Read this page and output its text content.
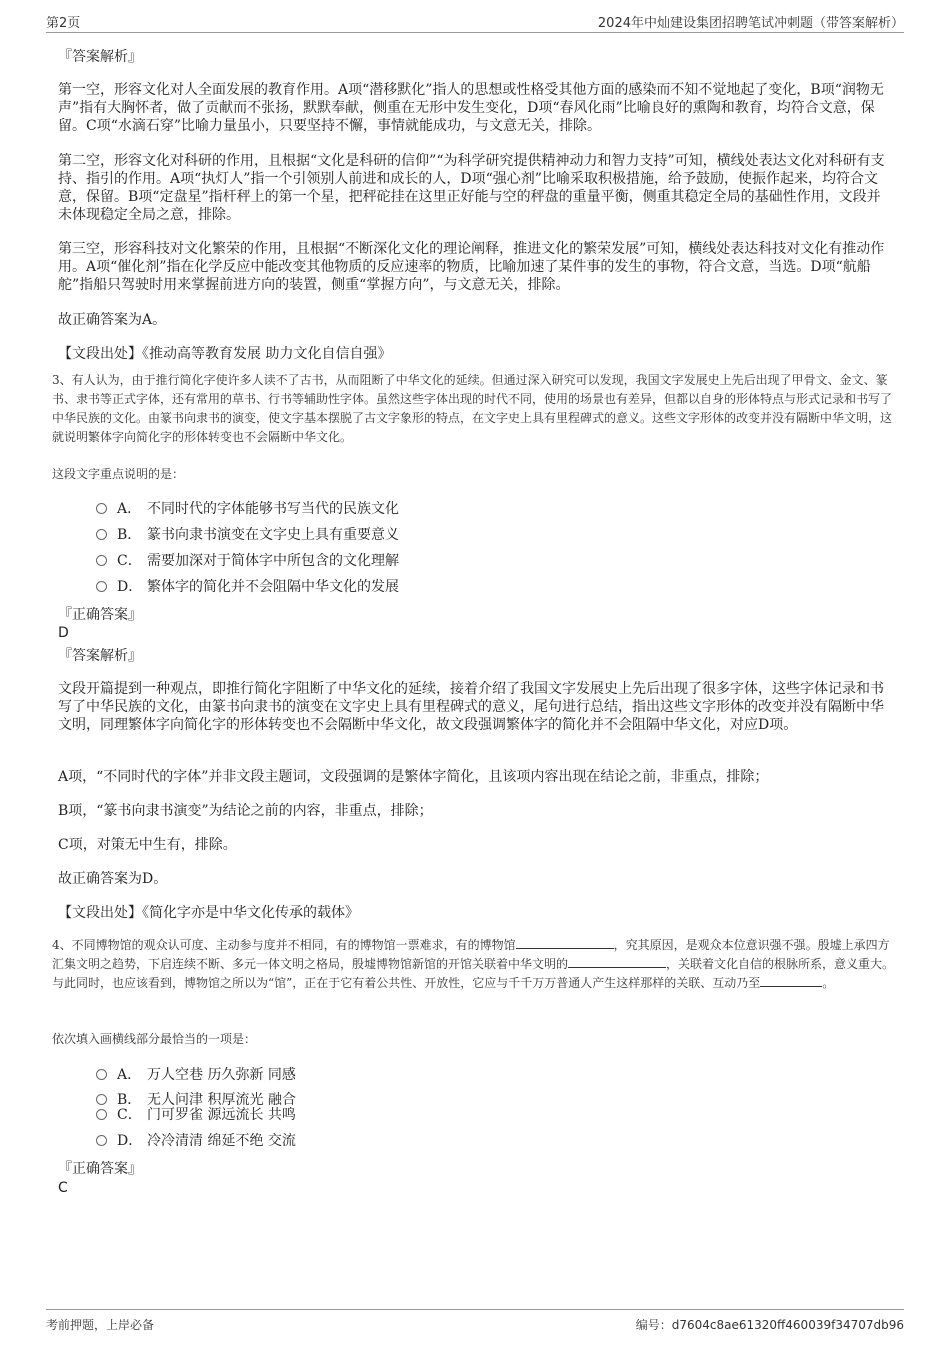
第2页	2024年中灿建设集团招聘笔试冲刺题（带答案解析）
『答案解析』

第一空，形容文化对人全面发展的教育作用。A项“潜移默化”指人的思想或性格受其他方面的感染而不知不觉地起了变化，B项“润物无声”指有大胸怀者，做了贡献而不张扬，默默奉献，侧重在无形中发生变化，D项“春风化雨”比喻良好的熏陶和教育，均符合文意，保留。C项“水滴石穿”比喻力量虽小，只要坚持不懈，事情就能成功，与文意无关，排除。

第二空，形容文化对科研的作用，且根据“文化是科研的信仰”“为科学研究提供精神动力和智力支持”可知，横线处表达文化对科研有支持、指引的作用。A项“执灯人”指一个引领别人前进和成长的人，D项“强心剂”比喻采取积极措施，给予鼓励，使振作起来，均符合文意，保留。B项“定盘星”指杆秤上的第一个星，把秤砣挂在这里正好能与空的秤盘的重量平衡，侧重其稳定全局的基础性作用，文段并未体现稳定全局之意，排除。

第三空，形容科技对文化繁荣的作用，且根据“不断深化文化的理论阐释，推进文化的繁荣发展”可知，横线处表达科技对文化有推动作用。A项“催化剂”指在化学反应中能改变其他物质的反应速率的物质，比喻加速了某件事的发生的事物，符合文意，当选。D项“航船舵”指船只驾驶时用来掌握前进方向的装置，侧重“掌握方向”，与文意无关，排除。

故正确答案为A。

【文段出处】《推动高等教育发展 助力文化自信自强》

3、有人认为，由于推行简化字使许多人读不了古书，从而阻断了中华文化的延续。但通过深入研究可以发现，我国文字发展史上先后出现了甲骨文、金文、篆书、隶书等正式字体，还有常用的草书、行书等辅助性字体。虽然这些字体出现的时代不同，使用的场景也有差异，但都以自身的形体特点与形式记录和书写了中华民族的文化。由篆书向隶书的演变，使文字基本摆脱了古文字象形的特点，在文字史上具有里程碑式的意义。这些文字形体的改变并没有隔断中华文明，这就说明繁体字向简化字的形体转变也不会隔断中华文化。

这段文字重点说明的是：

A． 不同时代的字体能够书写当代的民族文化
B． 篆书向隶书演变在文字史上具有重要意义
C． 需要加深对于简体字中所包含的文化理解
D． 繁体字的简化并不会阻隔中华文化的发展
『正确答案』
D
『答案解析』

文段开篇提到一种观点，即推行简化字阻断了中华文化的延续，接着介绍了我国文字发展史上先后出现了很多字体，这些字体记录和书写了中华民族的文化，由篆书向隶书的演变在文字史上具有里程碑式的意义，尾句进行总结，指出这些文字形体的改变并没有隔断中华文明，同理繁体字向简化字的形体转变也不会隔断中华文化，故文段强调繁体字的简化并不会阻隔中华文化，对应D项。

A项，“不同时代的字体”并非文段主题词，文段强调的是繁体字简化，且该项内容出现在结论之前，非重点，排除；

B项，“篆书向隶书演变”为结论之前的内容，非重点，排除；

C项，对策无中生有，排除。

故正确答案为D。

【文段出处】《简化字亦是中华文化传承的载体》

4、不同博物馆的观众认可度、主动参与度并不相同，有的博物馆一票难求，有的博物馆	，究其原因，是观众本位意识强不强。殷墟上承四方汇集文明之趋势，下启连续不断、多元一体文明之格局，殷墟博物馆新馆的开馆关联着中华文明的	，关联着文化自信的根脉所系，意义重大。与此同时，也应该看到，博物馆之所以为“馆”，正在于它有着公共性、开放性，它应与千千万万普通人产生这样那样的关联、互动乃至	。

依次填入画横线部分最恰当的一项是：

A． 万人空巷 历久弥新 同感
B． 无人问津 积厚流光 融合
C． 门可罗雀 源远流长 共鸣
D． 冷冷清清 绵延不绝 交流
『正确答案』
C
考前押题，上岸必备	编号：d7604c8ae61320ff460039f34707db96
